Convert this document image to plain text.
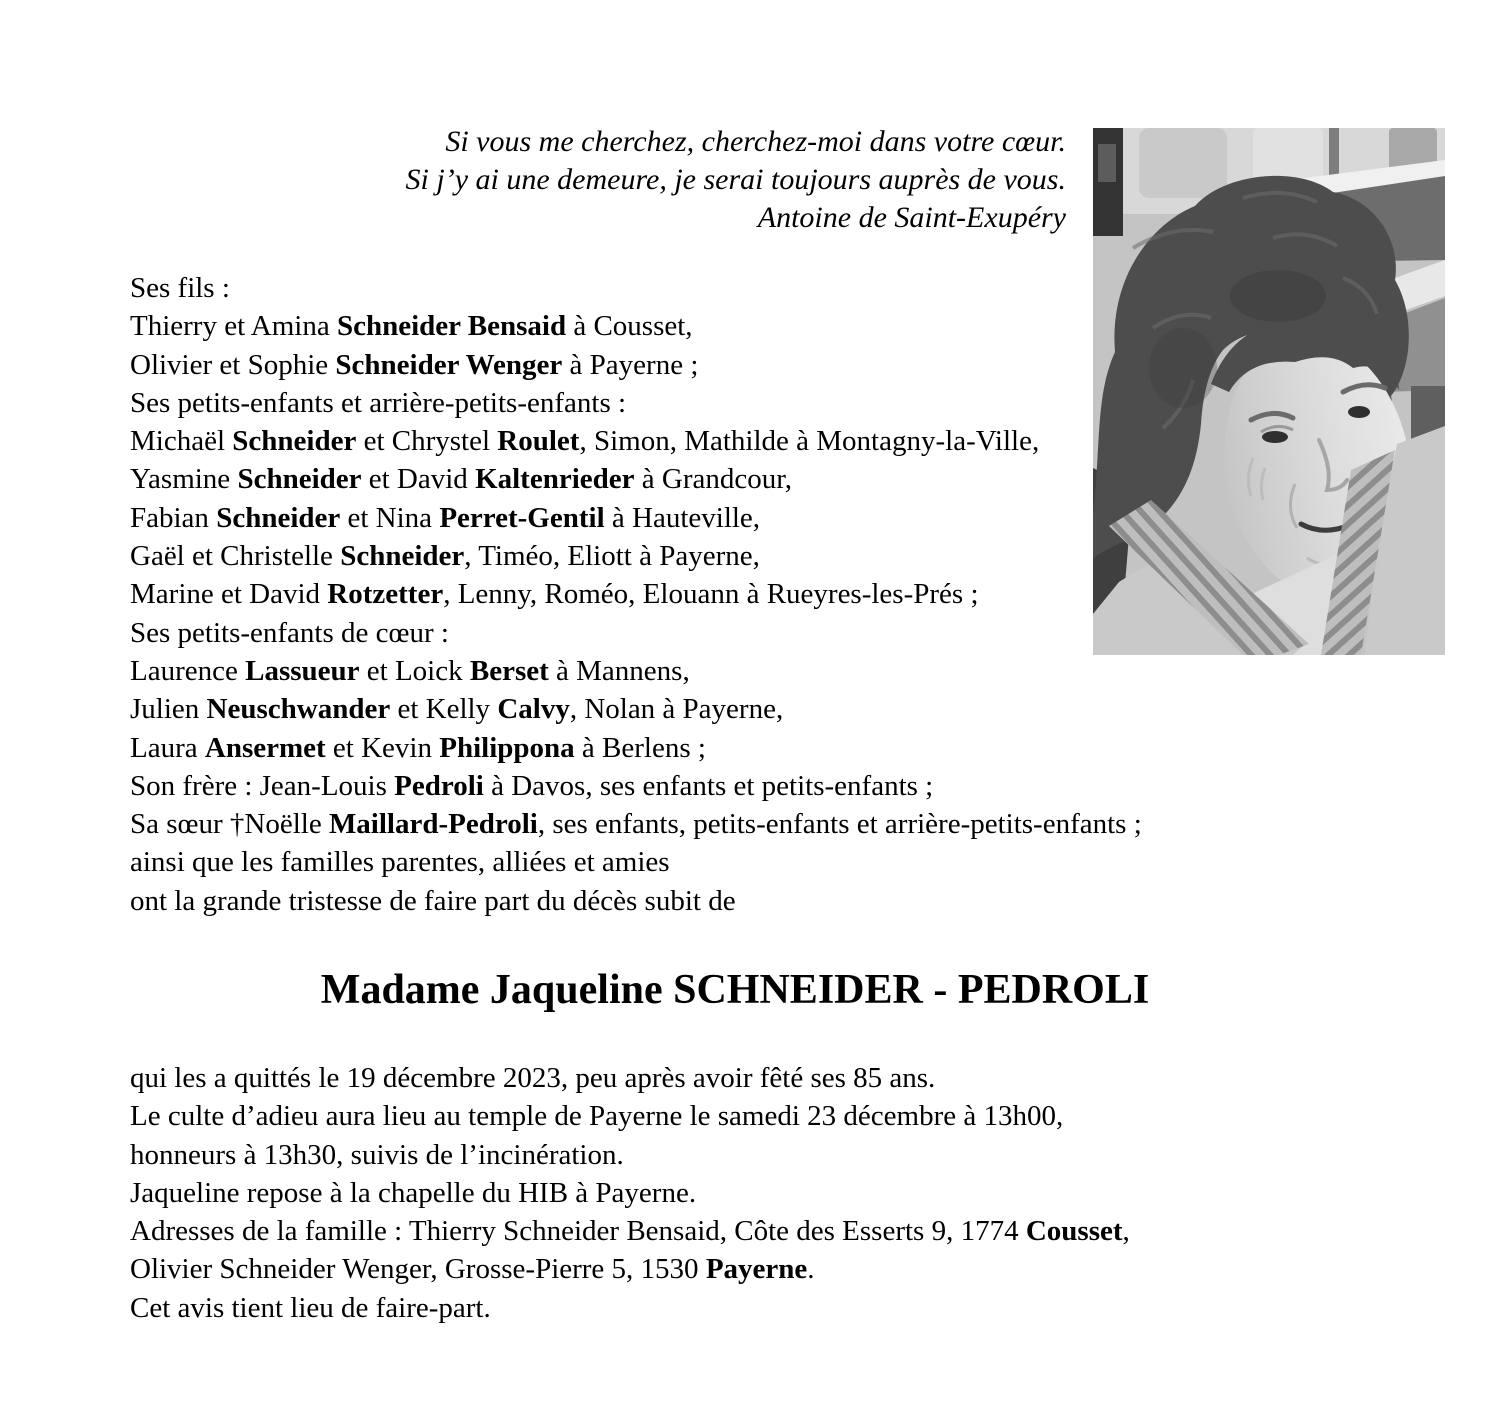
Si vous me cherchez, cherchez-moi dans votre cœur.
Si j’y ai une demeure, je serai toujours auprès de vous.
Antoine de Saint-Exupéry
Ses fils :
Thierry et Amina Schneider Bensaid à Cousset,
Olivier et Sophie Schneider Wenger à Payerne ;
Ses petits-enfants et arrière-petits-enfants :
Michaël Schneider et Chrystel Roulet, Simon, Mathilde à Montagny-la-Ville,
Yasmine Schneider et David Kaltenrieder à Grandcour,
Fabian Schneider et Nina Perret-Gentil à Hauteville,
Gaël et Christelle Schneider, Timéo, Eliott à Payerne,
Marine et David Rotzetter, Lenny, Roméo, Elouann à Rueyres-les-Prés ;
Ses petits-enfants de cœur :
Laurence Lassueur et Loick Berset à Mannens,
Julien Neuschwander et Kelly Calvy, Nolan à Payerne,
Laura Ansermet et Kevin Philippona à Berlens ;
Son frère : Jean-Louis Pedroli à Davos, ses enfants et petits-enfants ;
Sa sœur †Noëlle Maillard-Pedroli, ses enfants, petits-enfants et arrière-petits-enfants ;
ainsi que les familles parentes, alliées et amies
ont la grande tristesse de faire part du décès subit de
Madame Jaqueline SCHNEIDER - PEDROLI
qui les a quittés le 19 décembre 2023, peu après avoir fêté ses 85 ans.
Le culte d’adieu aura lieu au temple de Payerne le samedi 23 décembre à 13h00,
honneurs à 13h30, suivis de l’incinération.
Jaqueline repose à la chapelle du HIB à Payerne.
Adresses de la famille : Thierry Schneider Bensaid, Côte des Esserts 9, 1774 Cousset,
Olivier Schneider Wenger, Grosse-Pierre 5, 1530 Payerne.
Cet avis tient lieu de faire-part.
